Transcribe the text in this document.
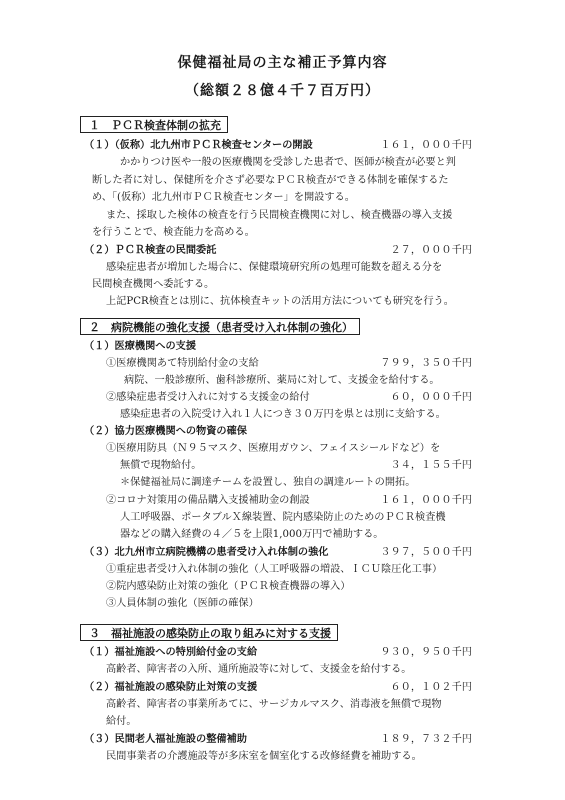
保健福祉局の主な補正予算内容
（総額２８億４千７百万円）
１　ＰＣＲ検査体制の拡充
（１）（仮称）北九州市ＰＣＲ検査センターの開設	１６１，０００千円
かかりつけ医や一般の医療機関を受診した患者で、医師が検査が必要と判
断した者に対し、保健所を介さず必要なＰＣＲ検査ができる体制を確保するた
め、「(仮称）北九州市ＰＣＲ検査センター」を開設する。
また、採取した検体の検査を行う民間検査機関に対し、検査機器の導入支援
を行うことで、検査能力を高める。
（２）ＰＣＲ検査の民間委託	２７，０００千円
感染症患者が増加した場合に、保健環境研究所の処理可能数を超える分を
民間検査機関へ委託する。
上記PCR検査とは別に、抗体検査キットの活用方法についても研究を行う。
２　病院機能の強化支援（患者受け入れ体制の強化）
（１）医療機関への支援
①医療機関あて特別給付金の支給	７９９，３５０千円
病院、一般診療所、歯科診療所、薬局に対して、支援金を給付する。
②感染症患者受け入れに対する支援金の給付	６０，０００千円
感染症患者の入院受け入れ１人につき３０万円を県とは別に支給する。
（２）協力医療機関への物資の確保
①医療用防具（Ｎ９５マスク、医療用ガウン、フェイスシールドなど）を
無償で現物給付。	３４，１５５千円
＊保健福祉局に調達チームを設置し、独自の調達ルートの開拓。
②コロナ対策用の備品購入支援補助金の創設	１６１，０００千円
人工呼吸器、ポータブルＸ線装置、院内感染防止のためのＰＣＲ検査機
器などの購入経費の４／５を上限1,000万円で補助する。
（３）北九州市立病院機構の患者受け入れ体制の強化	３９７，５００千円
①重症患者受け入れ体制の強化（人工呼吸器の増設、ＩＣＵ陰圧化工事）
②院内感染防止対策の強化（ＰＣＲ検査機器の導入）
③人員体制の強化（医師の確保）
３　福祉施設の感染防止の取り組みに対する支援
（１）福祉施設への特別給付金の支給	９３０，９５０千円
高齢者、障害者の入所、通所施設等に対して、支援金を給付する。
（２）福祉施設の感染防止対策の支援	６０，１０２千円
高齢者、障害者の事業所あてに、サージカルマスク、消毒液を無償で現物
給付。
（３）民間老人福祉施設の整備補助	１８９，７３２千円
民間事業者の介護施設等が多床室を個室化する改修経費を補助する。
